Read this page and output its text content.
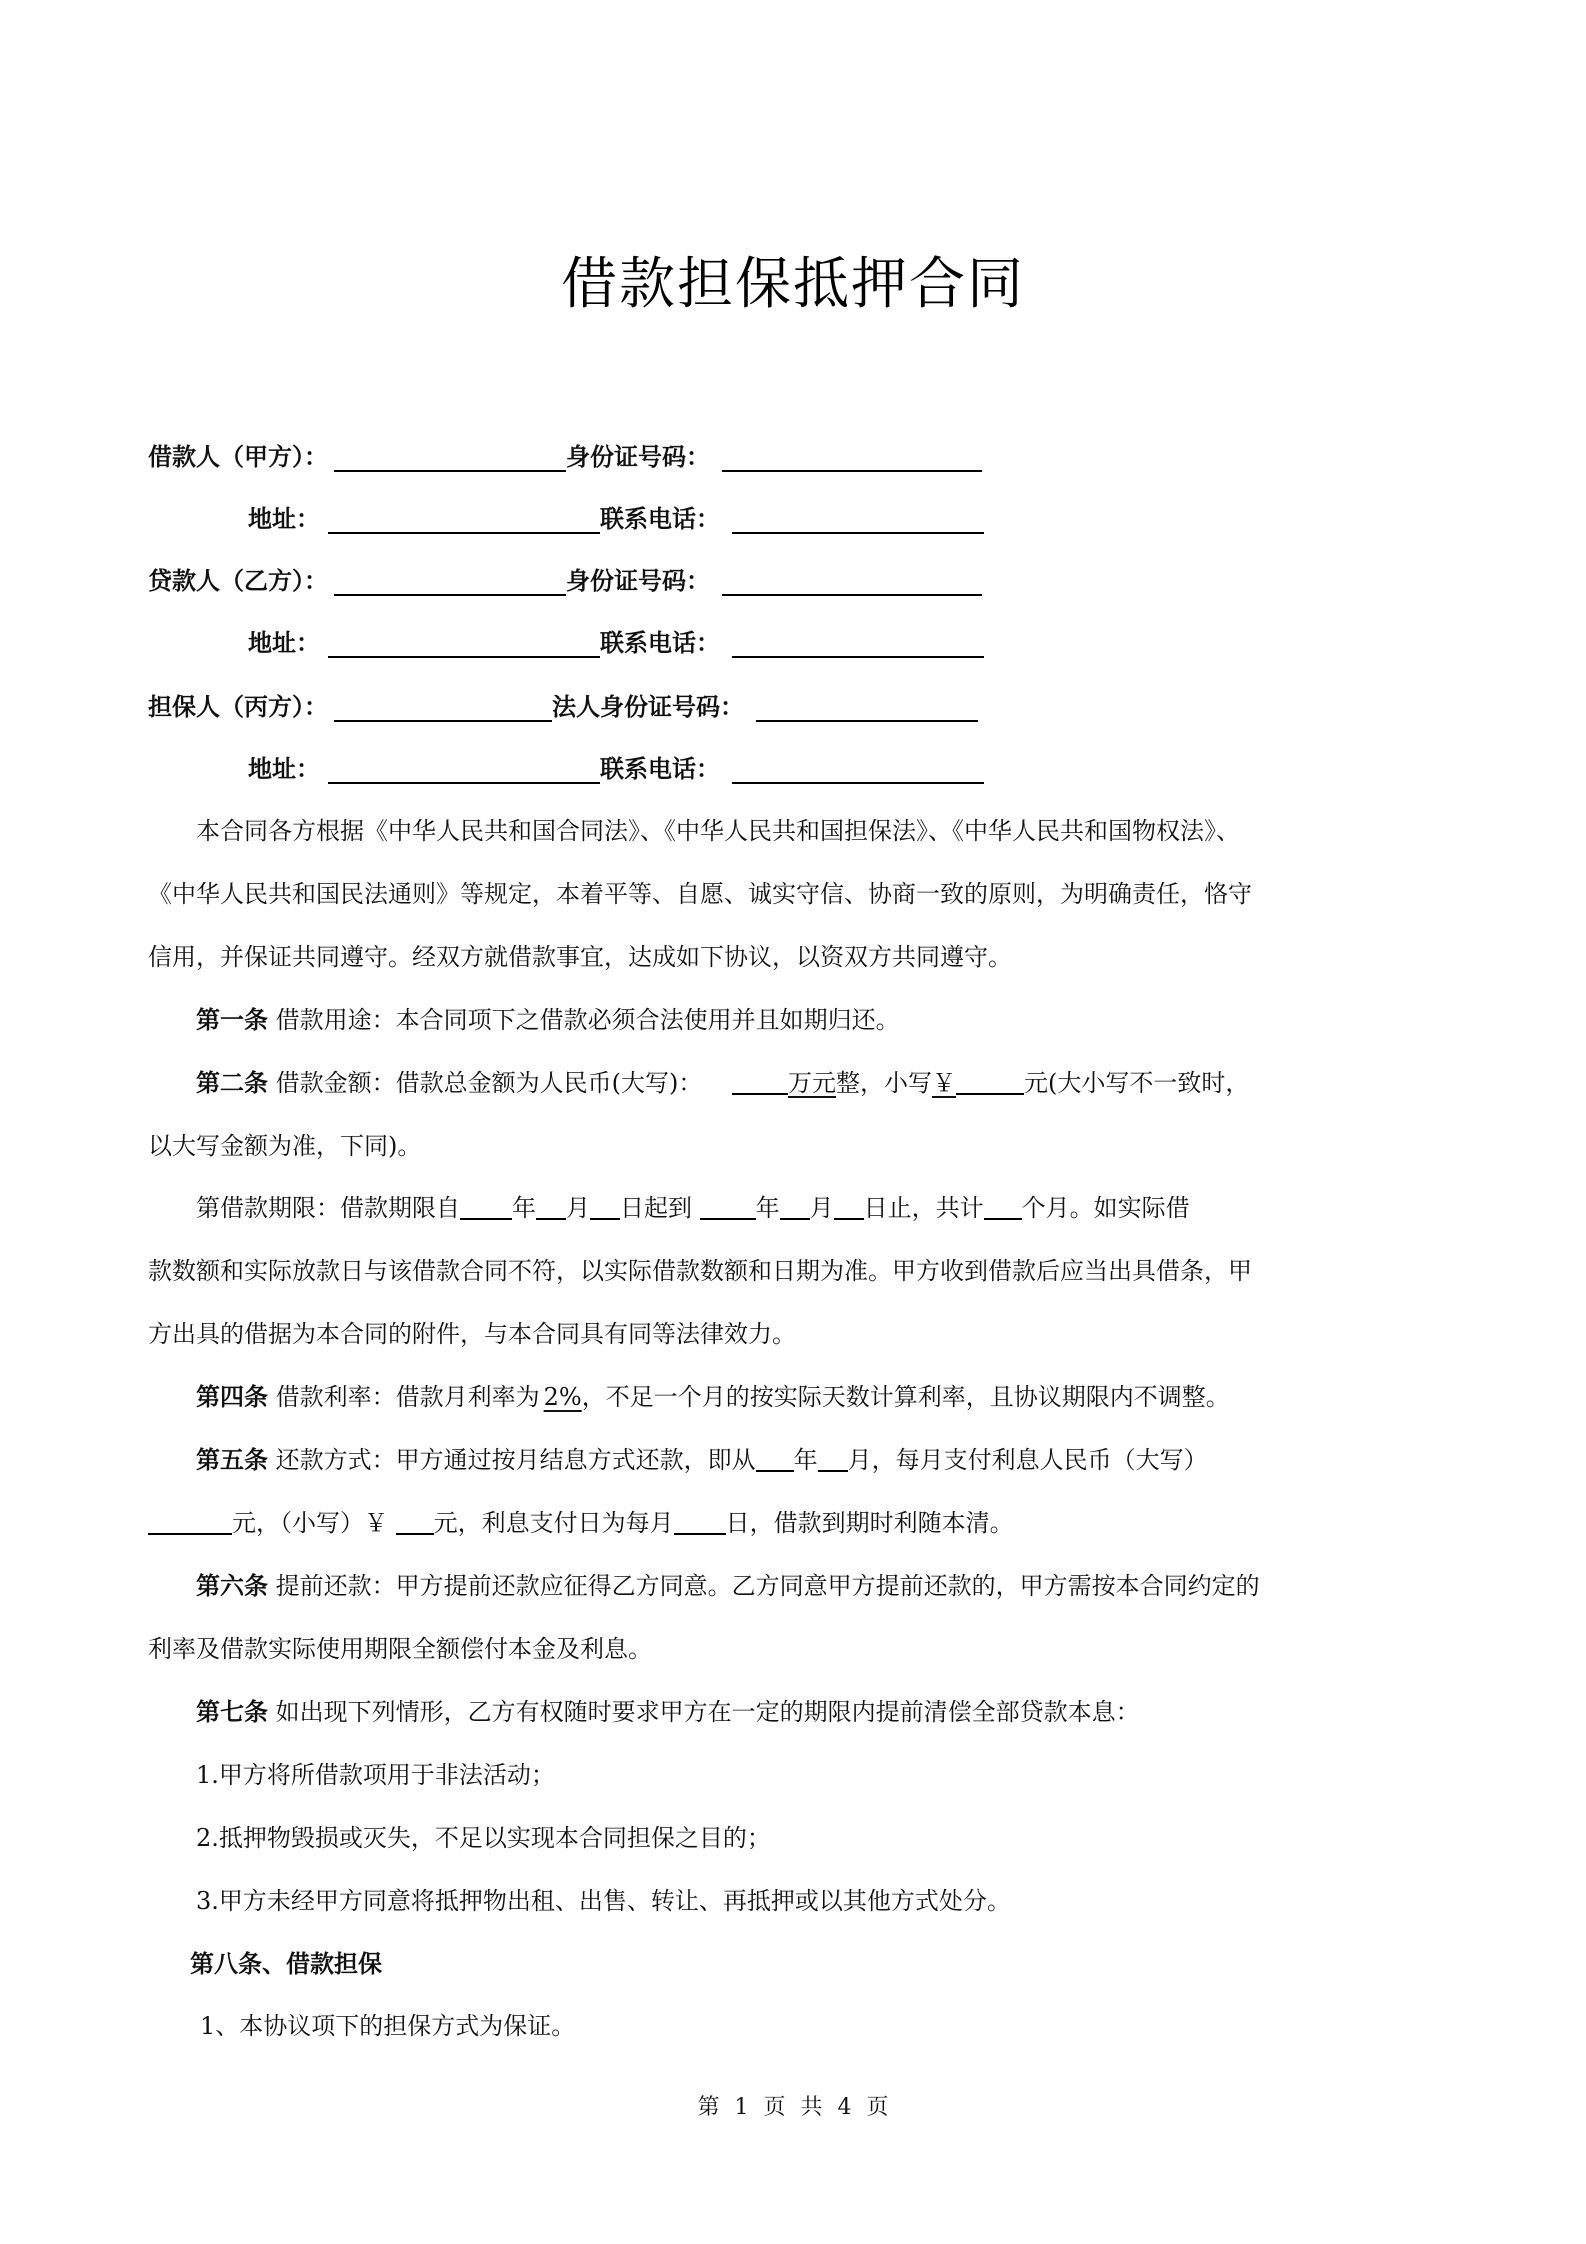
借款担保抵押合同
借款人（甲方）：	身份证号码：
地址：	联系电话：
贷款人（乙方）：	身份证号码：
地址：	联系电话：
担保人（丙方）：	法人身份证号码：
地址：	联系电话：
本合同各方根据《中华人民共和国合同法》、《中华人民共和国担保法》、《中华人民共和国物权法》、
《中华人民共和国民法通则》等规定，本着平等、自愿、诚实守信、协商一致的原则，为明确责任，恪守
信用，并保证共同遵守。经双方就借款事宜，达成如下协议，以资双方共同遵守。
第一条 借款用途：本合同项下之借款必须合法使用并且如期归还。
第二条 借款金额：借款总金额为人民币(大写)：	万元整，小写￥	元(大小写不一致时，
以大写金额为准，下同)。
第借款期限：借款期限自 年 月 日起到	年 月 日止，共计 个月。如实际借
款数额和实际放款日与该借款合同不符，以实际借款数额和日期为准。甲方收到借款后应当出具借条，甲
方出具的借据为本合同的附件，与本合同具有同等法律效力。
第四条 借款利率：借款月利率为 2%，不足一个月的按实际天数计算利率，且协议期限内不调整。
第五条 还款方式：甲方通过按月结息方式还款，即从 年 月，每月支付利息人民币（大写）
元，（小写）￥ 元，利息支付日为每月 日，借款到期时利随本清。
第六条 提前还款：甲方提前还款应征得乙方同意。乙方同意甲方提前还款的，甲方需按本合同约定的
利率及借款实际使用期限全额偿付本金及利息。
第七条 如出现下列情形，乙方有权随时要求甲方在一定的期限内提前清偿全部贷款本息：
1.甲方将所借款项用于非法活动；
2.抵押物毁损或灭失，不足以实现本合同担保之目的；
3.甲方未经甲方同意将抵押物出租、出售、转让、再抵押或以其他方式处分。
第八条、借款担保
1、本协议项下的担保方式为保证。
第 1 页 共 4 页
